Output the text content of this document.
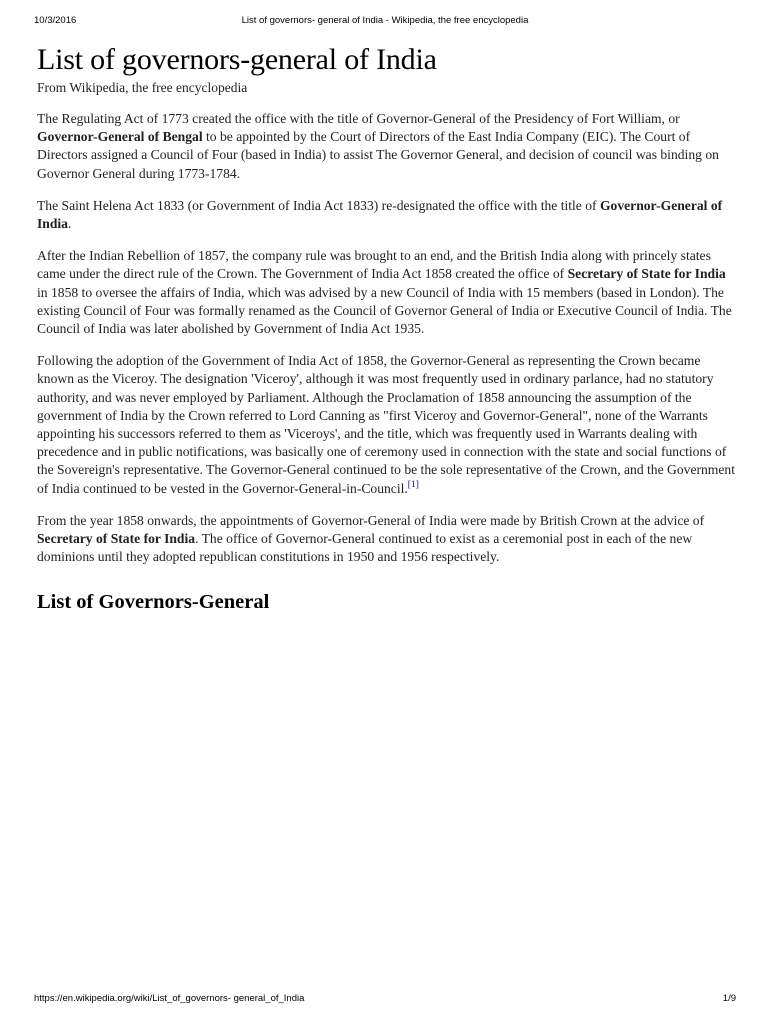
10/3/2016	List of governors- general of India - Wikipedia, the free encyclopedia
List of governors-general of India
From Wikipedia, the free encyclopedia

The Regulating Act of 1773 created the office with the title of Governor-General of the Presidency of Fort William, or Governor-General of Bengal to be appointed by the Court of Directors of the East India Company (EIC). The Court of Directors assigned a Council of Four (based in India) to assist The Governor General, and decision of council was binding on Governor General during 1773-1784.

The Saint Helena Act 1833 (or Government of India Act 1833) re-designated the office with the title of Governor-General of India.

After the Indian Rebellion of 1857, the company rule was brought to an end, and the British India along with princely states came under the direct rule of the Crown. The Government of India Act 1858 created the office of Secretary of State for India in 1858 to oversee the affairs of India, which was advised by a new Council of India with 15 members (based in London). The existing Council of Four was formally renamed as the Council of Governor General of India or Executive Council of India. The Council of India was later abolished by Government of India Act 1935.

Following the adoption of the Government of India Act of 1858, the Governor-General as representing the Crown became known as the Viceroy. The designation 'Viceroy', although it was most frequently used in ordinary parlance, had no statutory authority, and was never employed by Parliament. Although the Proclamation of 1858 announcing the assumption of the government of India by the Crown referred to Lord Canning as "first Viceroy and Governor-General", none of the Warrants appointing his successors referred to them as 'Viceroys', and the title, which was frequently used in Warrants dealing with precedence and in public notifications, was basically one of ceremony used in connection with the state and social functions of the Sovereign's representative. The Governor-General continued to be the sole representative of the Crown, and the Government of India continued to be vested in the Governor-General-in-Council.[1]

From the year 1858 onwards, the appointments of Governor-General of India were made by British Crown at the advice of Secretary of State for India. The office of Governor-General continued to exist as a ceremonial post in each of the new dominions until they adopted republican constitutions in 1950 and 1956 respectively.

List of Governors-General
https://en.wikipedia.org/wiki/List_of_governors- general_of_India	1/9
